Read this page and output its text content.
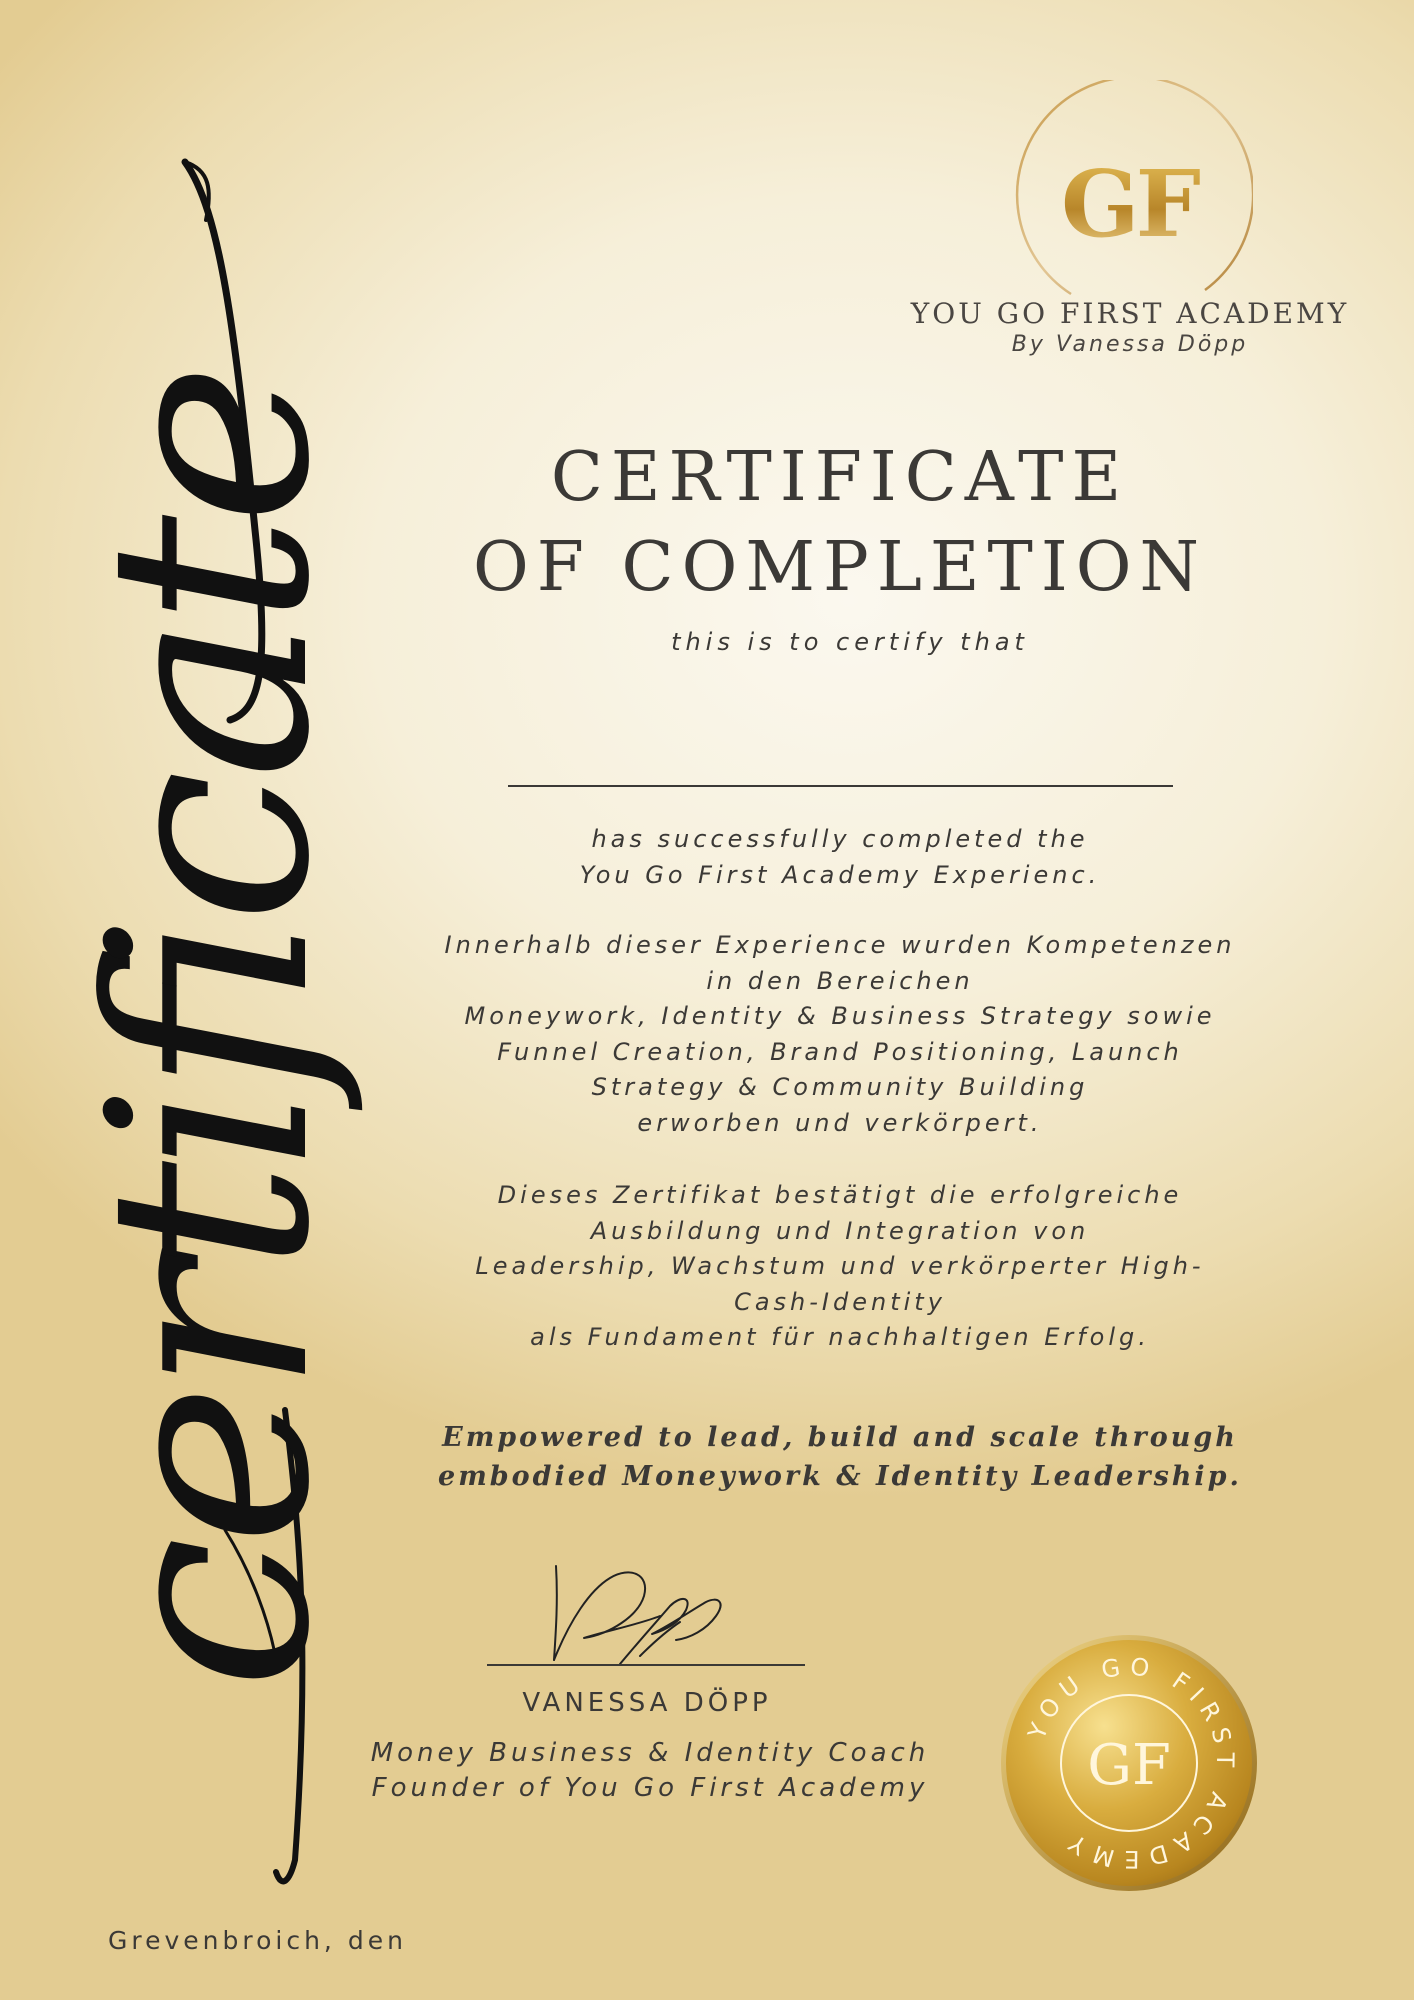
certificate
GF
YOU GO FIRST ACADEMY
By Vanessa Döpp
CERTIFICATE
OF COMPLETION
this is to certify that
has successfully completed the
You Go First Academy Experienc.
Innerhalb dieser Experience wurden Kompetenzen
in den Bereichen
Moneywork, Identity & Business Strategy sowie
Funnel Creation, Brand Positioning, Launch
Strategy & Community Building
erworben und verkörpert.
Dieses Zertifikat bestätigt die erfolgreiche
Ausbildung und Integration von
Leadership, Wachstum und verkörperter High-
Cash-Identity
als Fundament für nachhaltigen Erfolg.
Empowered to lead, build and scale through
embodied Moneywork & Identity Leadership.
VANESSA DÖPP
Money Business & Identity Coach
Founder of You Go First Academy
YOU GO FIRST ACADEMY
GF
Grevenbroich, den
